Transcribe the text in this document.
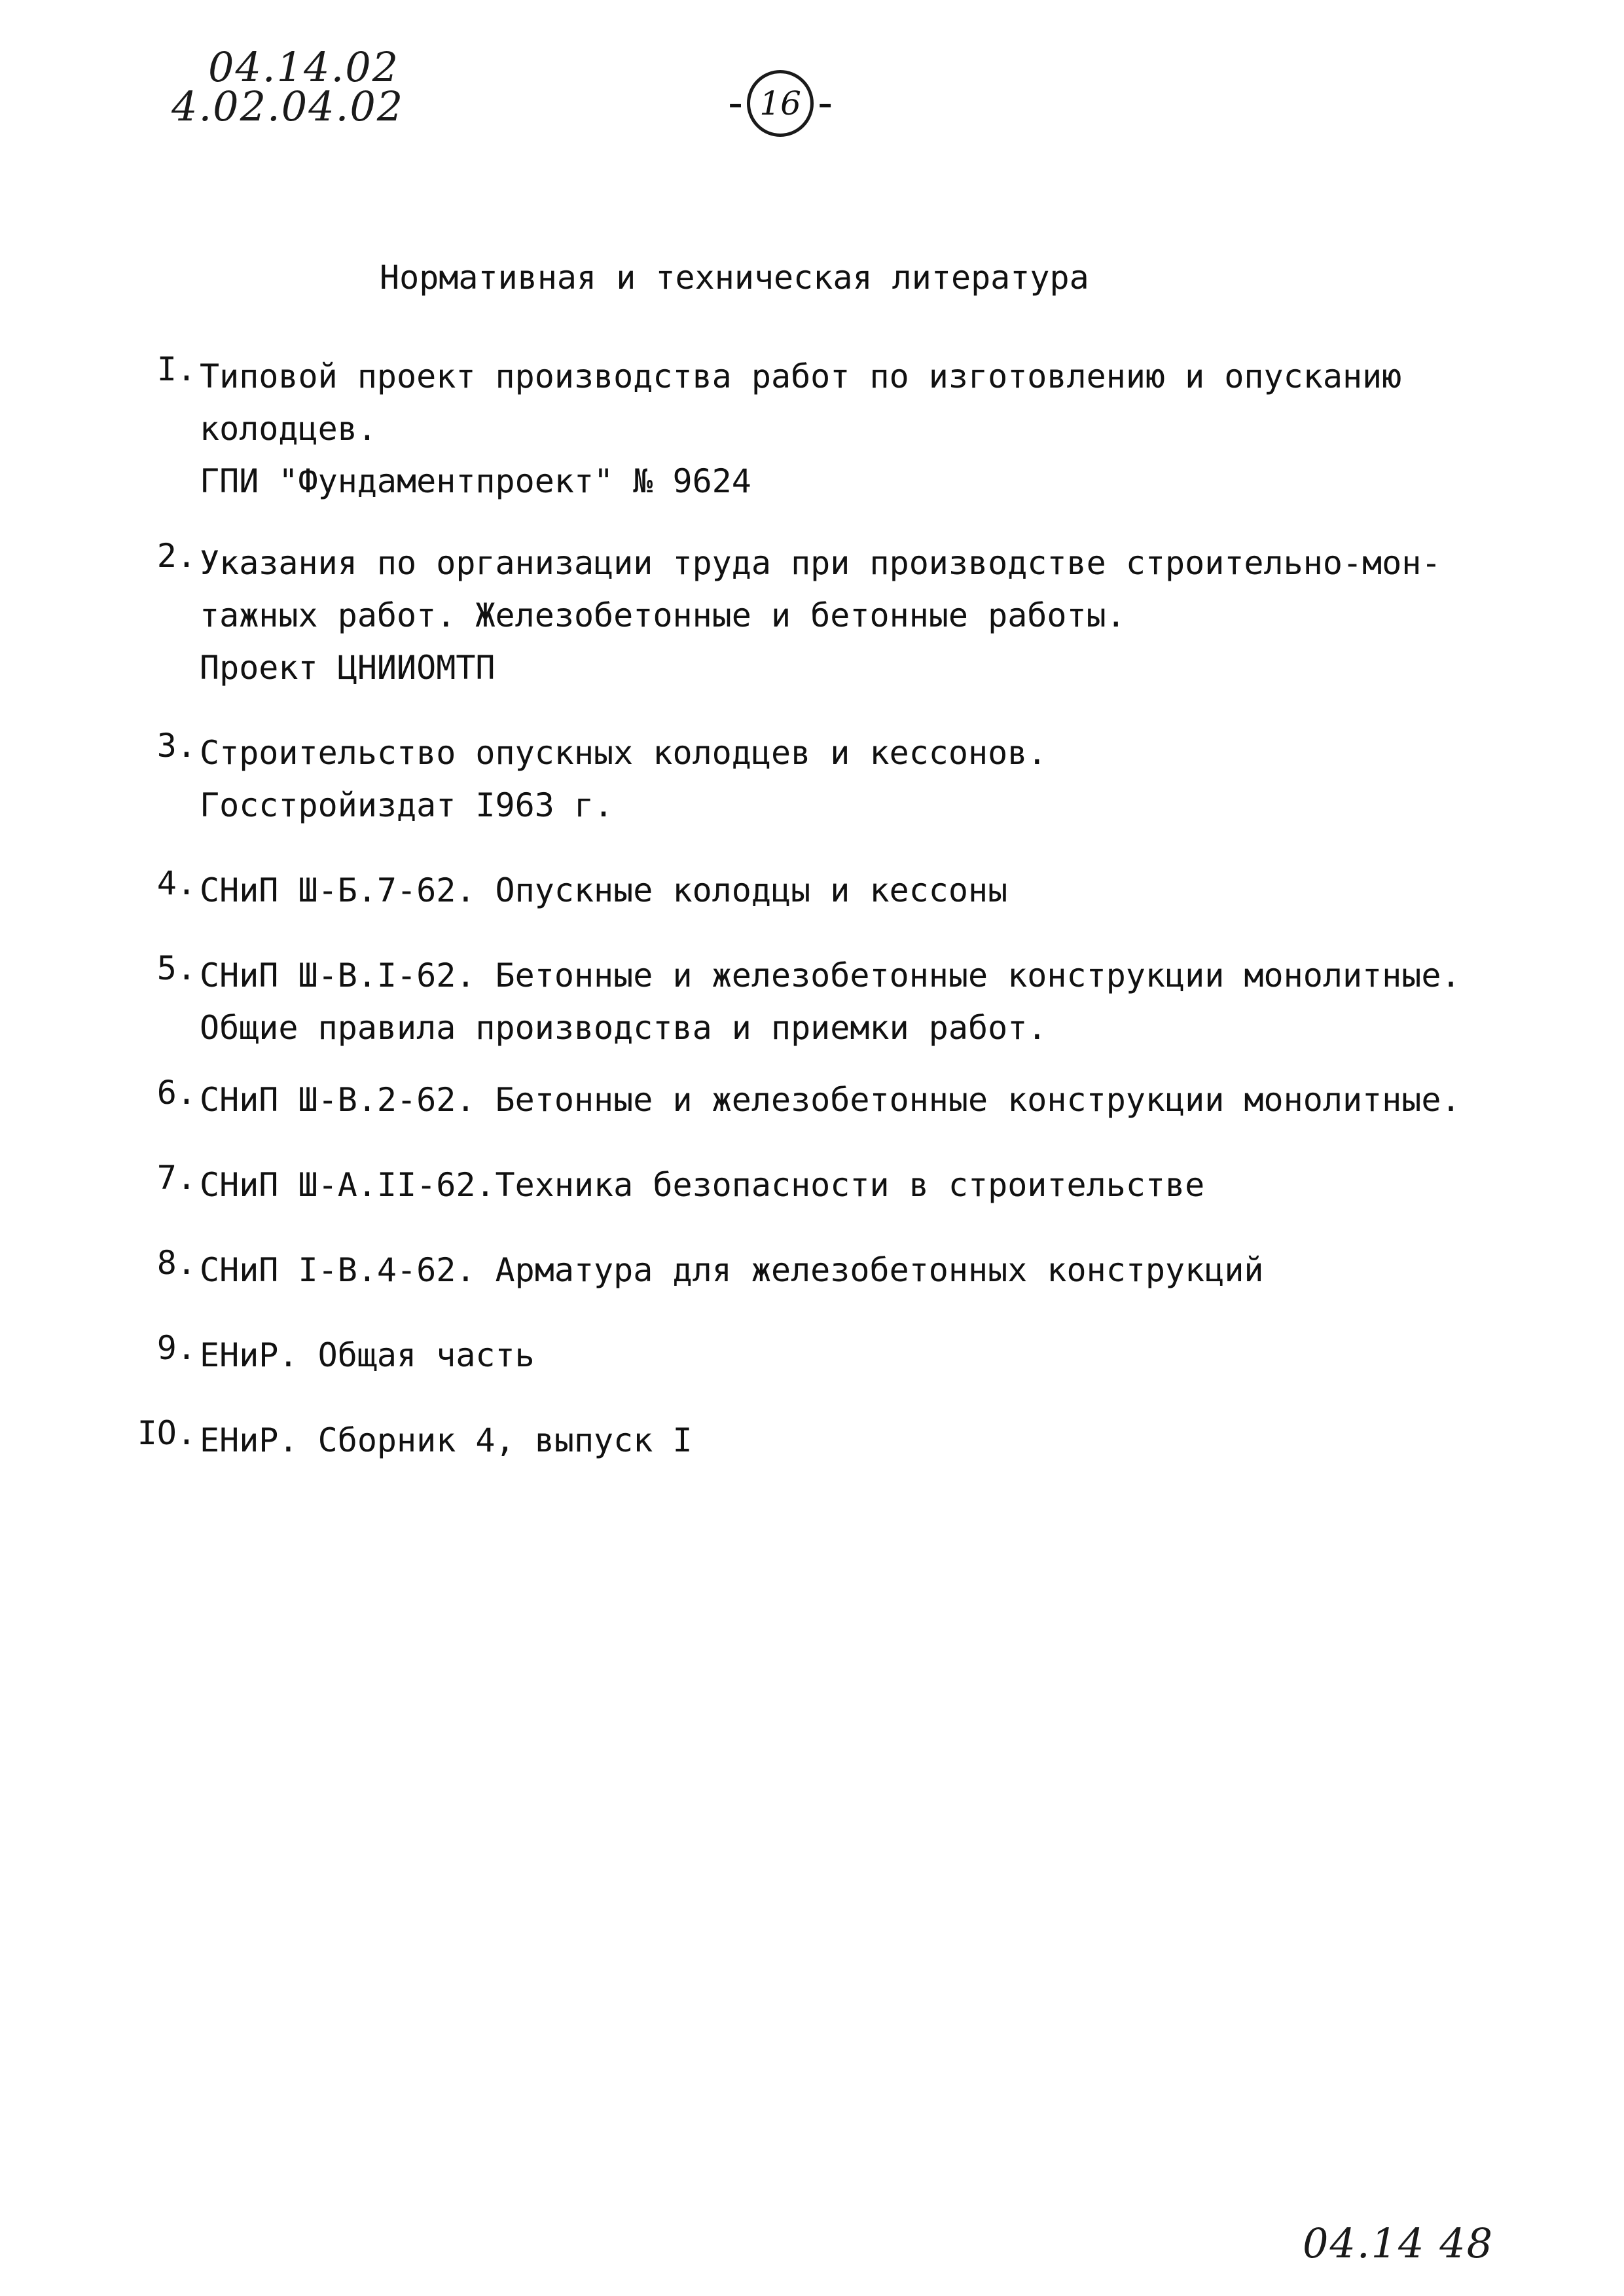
04.14.02
4.02.04.02	- 16 -
Нормативная и техническая литература
I. Типовой проект производства работ по изготовлению и опусканию
колодцев.
ГПИ "Фундаментпроект" № 9624
2. Указания по организации труда при производстве строительно-мон-
тажных работ. Железобетонные и бетонные работы.
Проект ЦНИИОМТП
3. Строительство опускных колодцев и кессонов.
Госстройиздат I963 г.
4. СНиП Ш-Б.7-62. Опускные колодцы и кессоны
5. СНиП Ш-В.I-62. Бетонные и железобетонные конструкции монолитные.
Общие правила производства и приемки работ.
6. СНиП Ш-В.2-62. Бетонные и железобетонные конструкции монолитные.
7. СНиП Ш-А.II-62.Техника безопасности в строительстве
8. СНиП I-В.4-62. Арматура для железобетонных конструкций
9. ЕНиР. Общая часть
IO. ЕНиР. Сборник 4, выпуск I
04.14 48
